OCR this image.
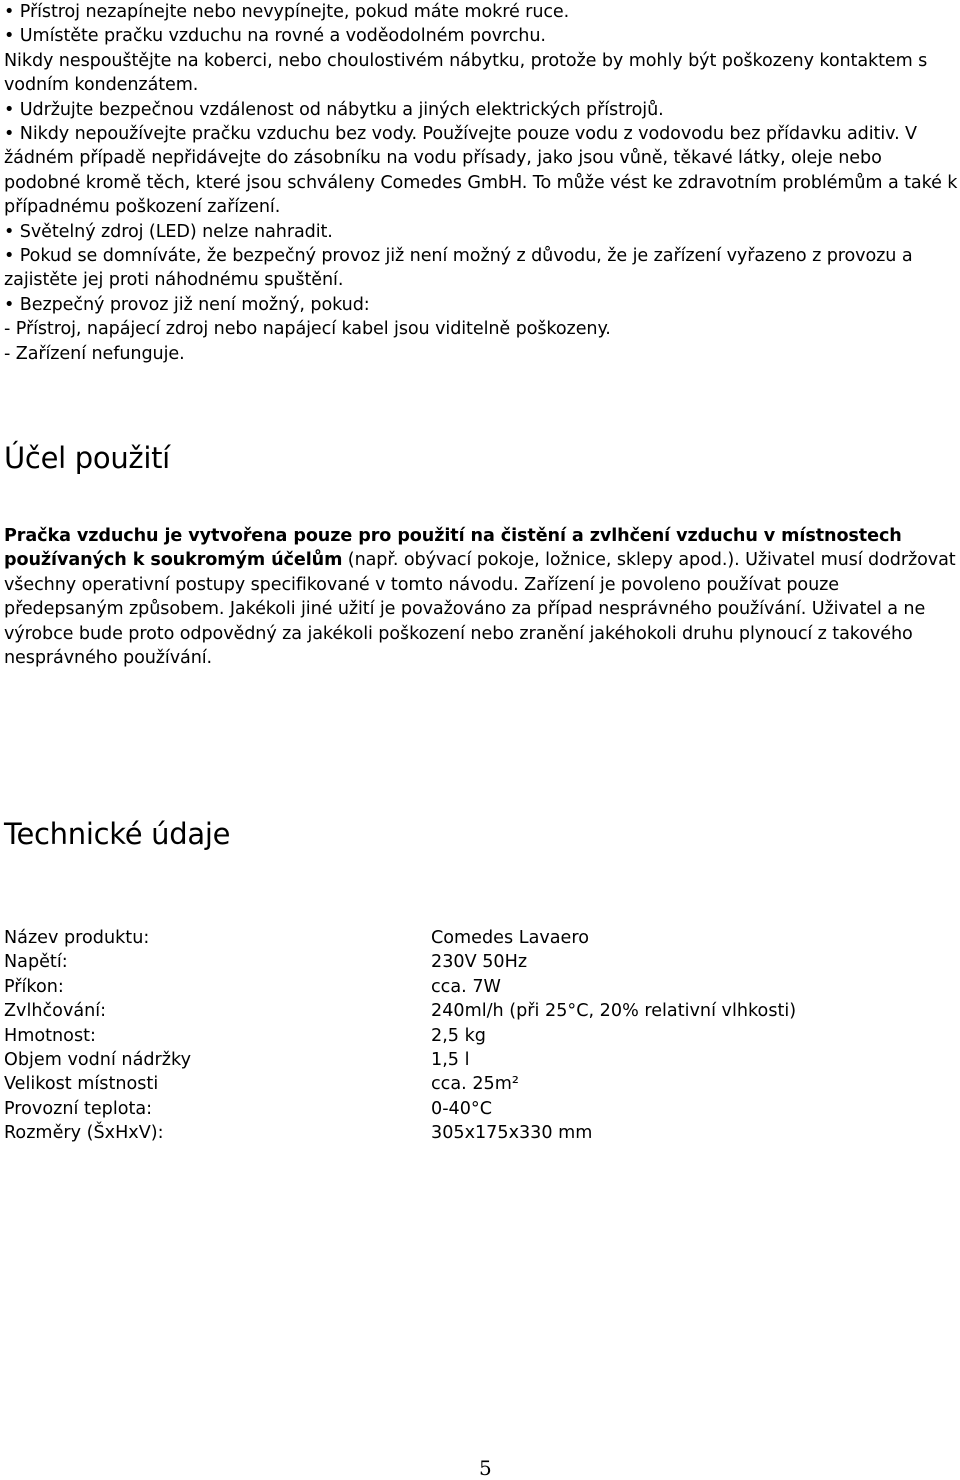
• Přístroj nezapínejte nebo nevypínejte, pokud máte mokré ruce.

• Umístěte pračku vzduchu na rovné a voděodolném povrchu.

Nikdy nespouštějte na koberci, nebo choulostivém nábytku, protože by mohly být poškozeny kontaktem s vodním kondenzátem.

• Udržujte bezpečnou vzdálenost od nábytku a jiných elektrických přístrojů.

• Nikdy nepoužívejte pračku vzduchu bez vody. Používejte pouze vodu z vodovodu bez přídavku aditiv. V žádném případě nepřidávejte do zásobníku na vodu přísady, jako jsou vůně, těkavé látky, oleje nebo podobné kromě těch, které jsou schváleny Comedes GmbH. To může vést ke zdravotním problémům a také k případnému poškození zařízení.

• Světelný zdroj (LED) nelze nahradit.

• Pokud se domníváte, že bezpečný provoz již není možný z důvodu, že je zařízení vyřazeno z provozu a zajistěte jej proti náhodnému spuštění.

• Bezpečný provoz již není možný, pokud:

- Přístroj, napájecí zdroj nebo napájecí kabel jsou viditelně poškozeny.

- Zařízení nefunguje.

Účel použití

Pračka vzduchu je vytvořena pouze pro použití na čistění a zvlhčení vzduchu v místnostech používaných k soukromým účelům (např. obývací pokoje, ložnice, sklepy apod.). Uživatel musí dodržovat všechny operativní postupy specifikované v tomto návodu. Zařízení je povoleno používat pouze předepsaným způsobem. Jakékoli jiné užití je považováno za případ nesprávného používání. Uživatel a ne výrobce bude proto odpovědný za jakékoli poškození nebo zranění jakéhokoli druhu plynoucí z takového nesprávného používání.

Technické údaje
Název produktu:	Comedes Lavaero
Napětí:	230V 50Hz
Příkon:	cca. 7W
Zvlhčování:	240ml/h (při 25°C, 20% relativní vlhkosti)
Hmotnost:	2,5 kg
Objem vodní nádržky	1,5 l
Velikost místnosti	cca. 25m²
Provozní teplota:	0-40°C
Rozměry (ŠxHxV):	305x175x330 mm
5
